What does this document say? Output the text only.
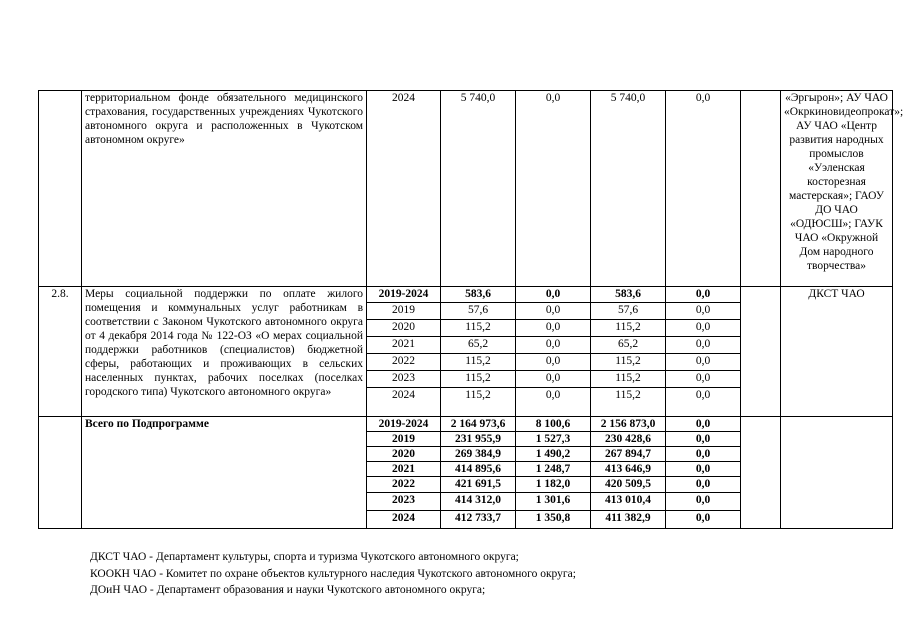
	территориальном фонде обязательного медицинского страхования, государственных учреждениях Чукотского автономного округа и расположенных в Чукотском автономном округе»	2024	5 740,0	0,0	5 740,0	0,0		«Эргырон»; АУ ЧАО «Окркиновидеопрокат»; АУ ЧАО «Центр развития народных промыслов «Уэленская косторезная мастерская»; ГАОУ ДО ЧАО «ОДЮСШ»; ГАУК ЧАО «Окружной Дом народного творчества»
2.8.	Меры социальной поддержки по оплате жилого помещения и коммунальных услуг работникам в соответствии с Законом Чукотского автономного округа от 4 декабря 2014 года № 122-ОЗ «О мерах социальной поддержки работников (специалистов) бюджетной сферы, работающих и проживающих в сельских населенных пунктах, рабочих поселках (поселках городского типа) Чукотского автономного округа»	2019-2024	583,6	0,0	583,6	0,0		ДКСТ ЧАО
		2019	57,6	0,0	57,6	0,0		
		2020	115,2	0,0	115,2	0,0		
		2021	65,2	0,0	65,2	0,0		
		2022	115,2	0,0	115,2	0,0		
		2023	115,2	0,0	115,2	0,0		
		2024	115,2	0,0	115,2	0,0		
	Всего по Подпрограмме	2019-2024	2 164 973,6	8 100,6	2 156 873,0	0,0		
		2019	231 955,9	1 527,3	230 428,6	0,0		
		2020	269 384,9	1 490,2	267 894,7	0,0		
		2021	414 895,6	1 248,7	413 646,9	0,0		
		2022	421 691,5	1 182,0	420 509,5	0,0		
		2023	414 312,0	1 301,6	413 010,4	0,0		
		2024	412 733,7	1 350,8	411 382,9	0,0		
ДКСТ ЧАО - Департамент культуры, спорта и туризма Чукотского автономного округа;
КООКН ЧАО - Комитет по охране объектов культурного наследия Чукотского автономного округа;
ДОиН ЧАО - Департамент образования и науки Чукотского автономного округа;
